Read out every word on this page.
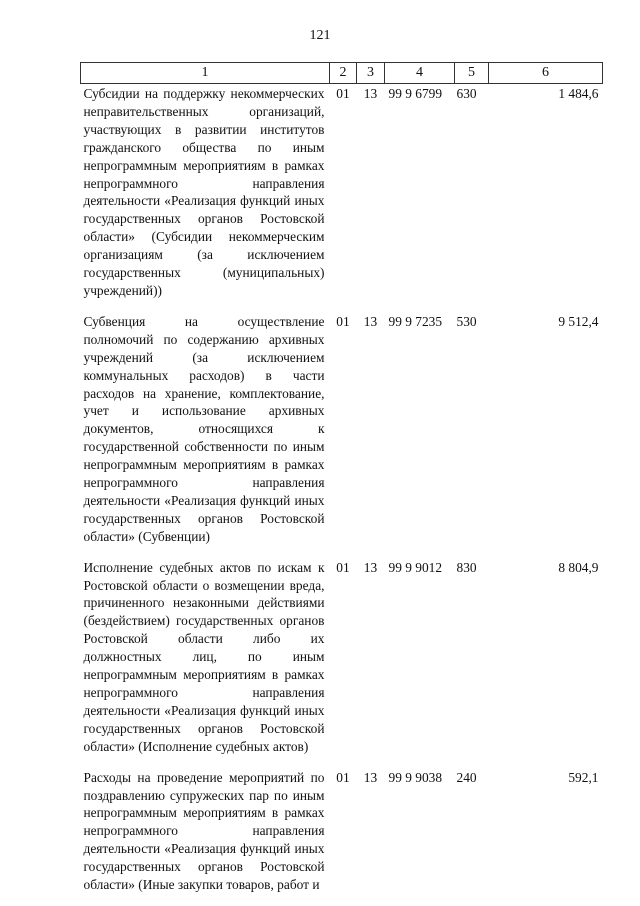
121
1	2	3	4	5	6
Субсидии на поддержку некоммерческих неправительственных организаций, участвующих в развитии институтов гражданского общества по иным непрограммным мероприятиям в рамках непрограммного направления деятельности «Реализация функций иных государственных органов Ростовской области» (Субсидии некоммерческим организациям (за исключением государственных (муниципальных) учреждений))	01	13	99 9 6799	630	1 484,6
Субвенция на осуществление полномочий по содержанию архивных учреждений (за исключением коммунальных расходов) в части расходов на хранение, комплектование, учет и использование архивных документов, относящихся к государственной собственности по иным непрограммным мероприятиям в рамках непрограммного направления деятельности «Реализация функций иных государственных органов Ростовской области» (Субвенции)	01	13	99 9 7235	530	9 512,4
Исполнение судебных актов по искам к Ростовской области о возмещении вреда, причиненного незаконными действиями (бездействием) государственных органов Ростовской области либо их должностных лиц, по иным непрограммным мероприятиям в рамках непрограммного направления деятельности «Реализация функций иных государственных органов Ростовской области» (Исполнение судебных актов)	01	13	99 9 9012	830	8 804,9
Расходы на проведение мероприятий по поздравлению супружеских пар по иным непрограммным мероприятиям в рамках непрограммного направления деятельности «Реализация функций иных государственных органов Ростовской области» (Иные закупки товаров, работ и	01	13	99 9 9038	240	592,1
